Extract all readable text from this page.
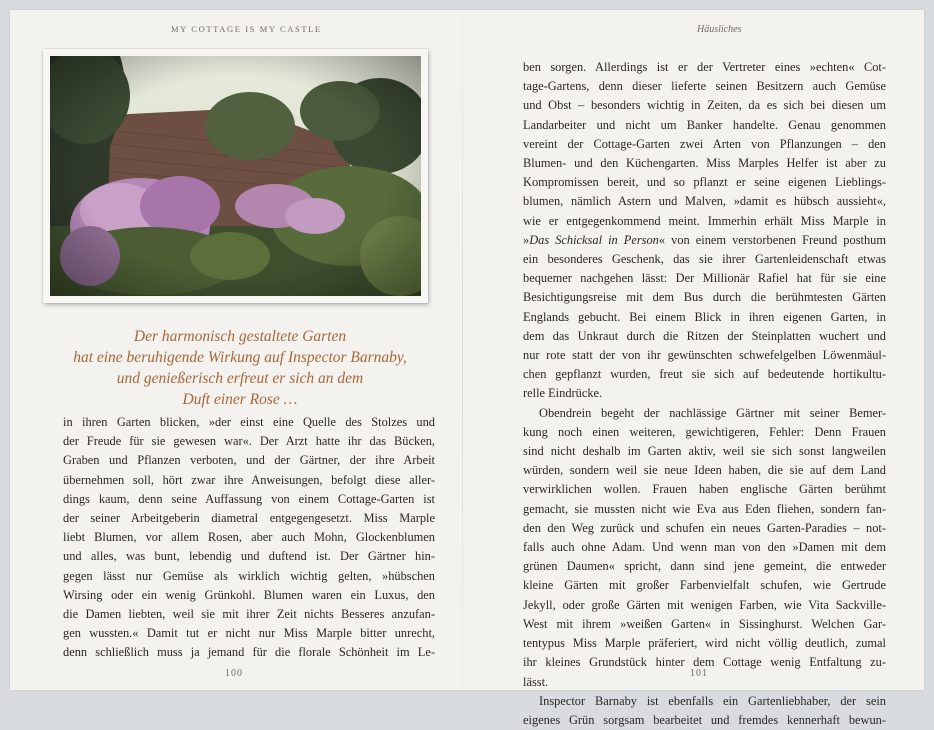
MY COTTAGE IS MY CASTLE
Der harmonisch gestaltete Garten
hat eine beruhigende Wirkung auf Inspector Barnaby,
und genießerisch erfreut er sich an dem
Duft einer Rose …
in ihren Garten blicken, »der einst eine Quelle des Stolzes und
der Freude für sie gewesen war«. Der Arzt hatte ihr das Bücken,
Graben und Pflanzen verboten, und der Gärtner, der ihre Arbeit
übernehmen soll, hört zwar ihre Anweisungen, befolgt diese aller-
dings kaum, denn seine Auffassung von einem Cottage-Garten ist
der seiner Arbeitgeberin diametral entgegengesetzt. Miss Marple
liebt Blumen, vor allem Rosen, aber auch Mohn, Glockenblumen
und alles, was bunt, lebendig und duftend ist. Der Gärtner hin-
gegen lässt nur Gemüse als wirklich wichtig gelten, »hübschen
Wirsing oder ein wenig Grünkohl. Blumen waren ein Luxus, den
die Damen liebten, weil sie mit ihrer Zeit nichts Besseres anzufan-
gen wussten.« Damit tut er nicht nur Miss Marple bitter unrecht,
denn schließlich muss ja jemand für die florale Schönheit im Le-
100
Häusliches
ben sorgen. Allerdings ist er der Vertreter eines »echten« Cot-
tage-Gartens, denn dieser lieferte seinen Besitzern auch Gemüse
und Obst – besonders wichtig in Zeiten, da es sich bei diesen um
Landarbeiter und nicht um Banker handelte. Genau genommen
vereint der Cottage-Garten zwei Arten von Pflanzungen – den
Blumen- und den Küchengarten. Miss Marples Helfer ist aber zu
Kompromissen bereit, und so pflanzt er seine eigenen Lieblings-
blumen, nämlich Astern und Malven, »damit es hübsch aussieht«,
wie er entgegenkommend meint. Immerhin erhält Miss Marple in
»Das Schicksal in Person« von einem verstorbenen Freund posthum
ein besonderes Geschenk, das sie ihrer Gartenleidenschaft etwas
bequemer nachgehen lässt: Der Millionär Rafiel hat für sie eine
Besichtigungsreise mit dem Bus durch die berühmtesten Gärten
Englands gebucht. Bei einem Blick in ihren eigenen Garten, in
dem das Unkraut durch die Ritzen der Steinplatten wuchert und
nur rote statt der von ihr gewünschten schwefelgelben Löwenmäul-
chen gepflanzt wurden, freut sie sich auf bedeutende hortikultu-
relle Eindrücke.
Obendrein begeht der nachlässige Gärtner mit seiner Bemer-
kung noch einen weiteren, gewichtigeren, Fehler: Denn Frauen
sind nicht deshalb im Garten aktiv, weil sie sich sonst langweilen
würden, sondern weil sie neue Ideen haben, die sie auf dem Land
verwirklichen wollen. Frauen haben englische Gärten berühmt
gemacht, sie mussten nicht wie Eva aus Eden fliehen, sondern fan-
den den Weg zurück und schufen ein neues Garten-Paradies – not-
falls auch ohne Adam. Und wenn man von den »Damen mit dem
grünen Daumen« spricht, dann sind jene gemeint, die entweder
kleine Gärten mit großer Farbenvielfalt schufen, wie Gertrude
Jekyll, oder große Gärten mit wenigen Farben, wie Vita Sackville-
West mit ihrem »weißen Garten« in Sissinghurst. Welchen Gar-
tentypus Miss Marple präferiert, wird nicht völlig deutlich, zumal
ihr kleines Grundstück hinter dem Cottage wenig Entfaltung zu-
lässt.
Inspector Barnaby ist ebenfalls ein Gartenliebhaber, der sein
eigenes Grün sorgsam bearbeitet und fremdes kennerhaft bewun-
101
